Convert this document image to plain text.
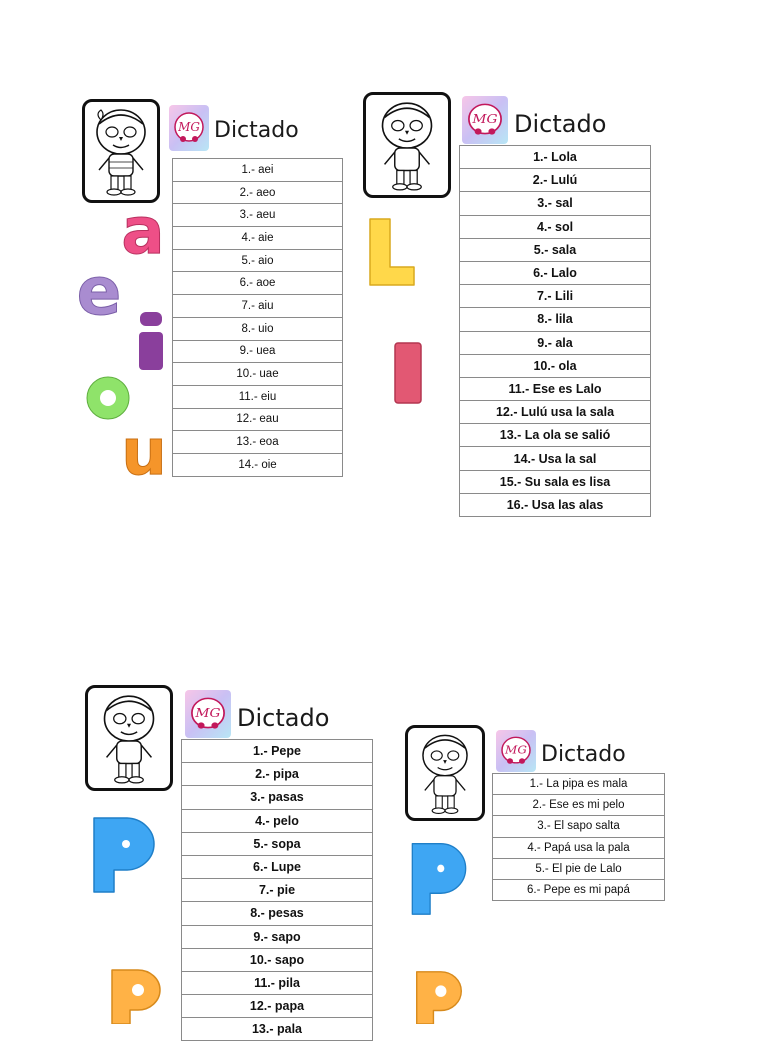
MG Dictado
1.- aei
2.- aeo
3.- aeu
4.- aie
5.- aio
6.- aoe
7.- aiu
8.- uio
9.- uea
10.- uae
11.- eiu
12.- eau
13.- eoa
14.- oie
a
e
u
MG Dictado
1.- Lola
2.- Lulú
3.- sal
4.- sol
5.- sala
6.- Lalo
7.- Lili
8.- lila
9.- ala
10.- ola
11.- Ese es Lalo
12.- Lulú usa la sala
13.- La ola se salió
14.- Usa la sal
15.- Su sala es lisa
16.- Usa las alas
MG Dictado
1.- Pepe
2.- pipa
3.- pasas
4.- pelo
5.- sopa
6.- Lupe
7.- pie
8.- pesas
9.- sapo
10.- sapo
11.- pila
12.- papa
13.- pala
MG Dictado
1.- La pipa es mala
2.- Ese es mi pelo
3.- El sapo salta
4.- Papá usa la pala
5.- El pie de Lalo
6.- Pepe es mi papá
